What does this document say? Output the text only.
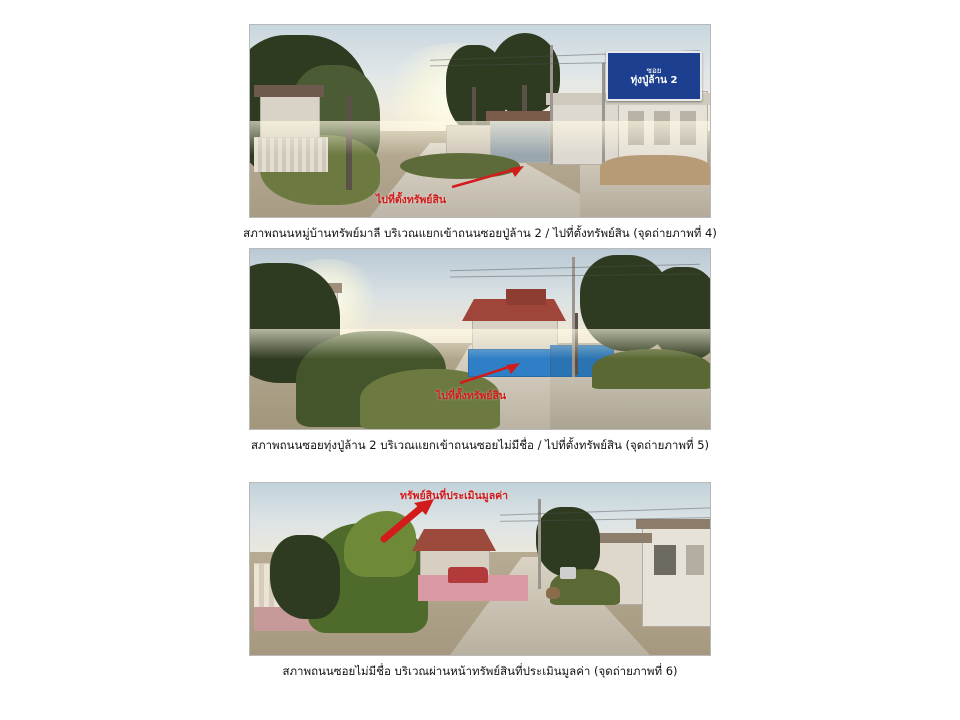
ซอย
ทุ่งปู่ล้าน 2
ไปที่ตั้งทรัพย์สิน
สภาพถนนหมู่บ้านทรัพย์มาลี บริเวณแยกเข้าถนนซอยปู่ล้าน 2 / ไปที่ตั้งทรัพย์สิน (จุดถ่ายภาพที่ 4)
ไปที่ตั้งทรัพย์สิน
สภาพถนนซอยทุ่งปู่ล้าน 2 บริเวณแยกเข้าถนนซอยไม่มีชื่อ / ไปที่ตั้งทรัพย์สิน (จุดถ่ายภาพที่ 5)
ทรัพย์สินที่ประเมินมูลค่า
สภาพถนนซอยไม่มีชื่อ บริเวณผ่านหน้าทรัพย์สินที่ประเมินมูลค่า (จุดถ่ายภาพที่ 6)
